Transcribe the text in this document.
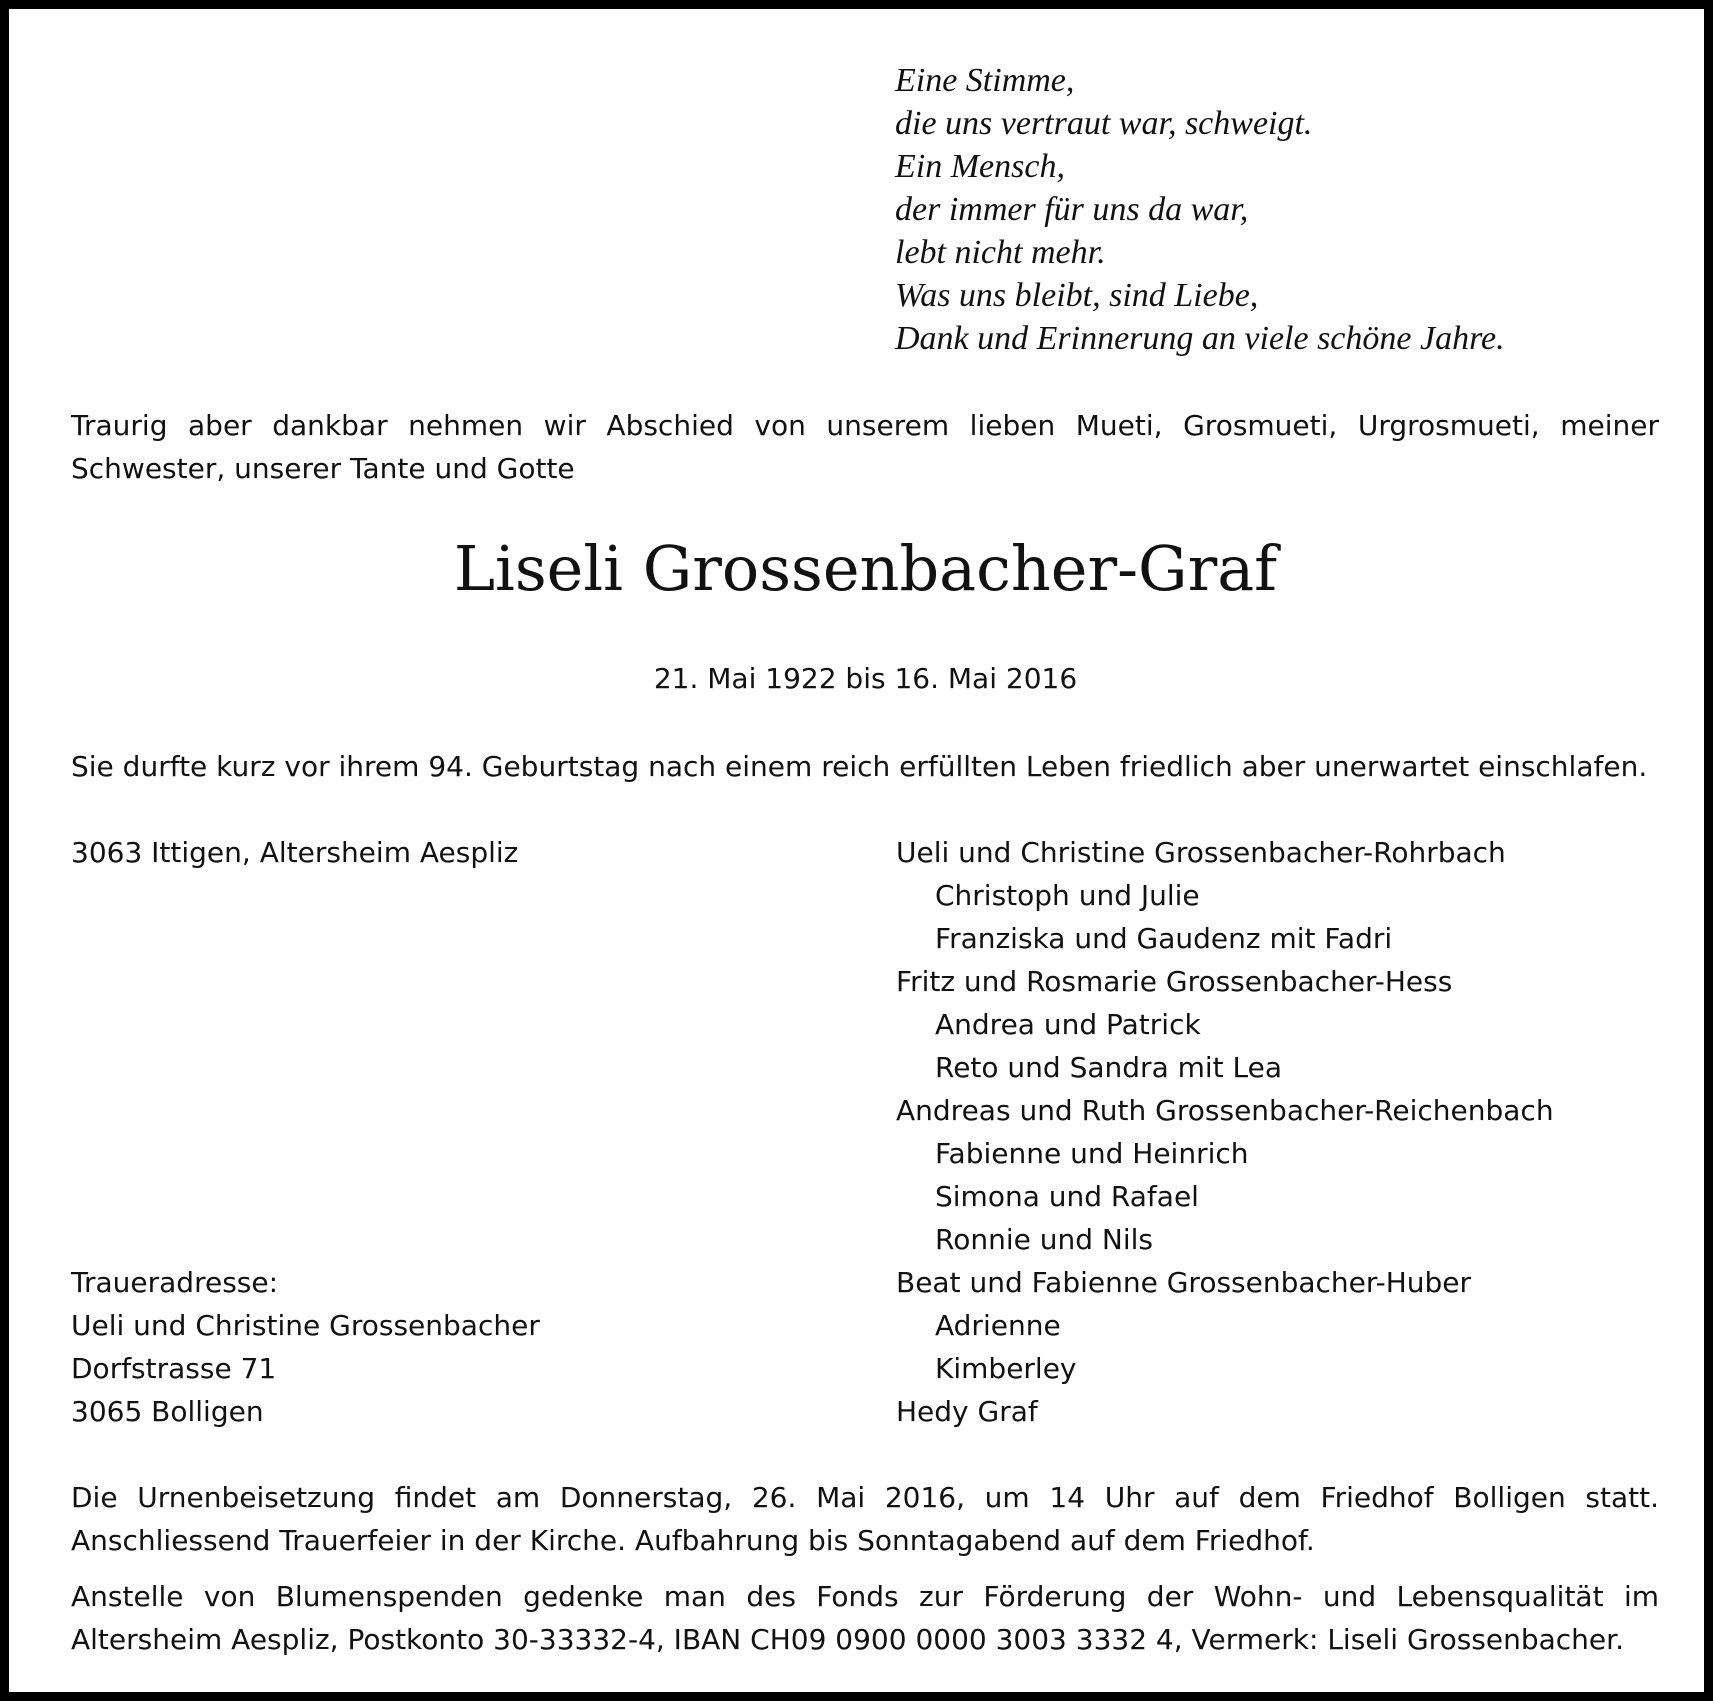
Eine Stimme,
die uns vertraut war, schweigt.
Ein Mensch,
der immer für uns da war,
lebt nicht mehr.
Was uns bleibt, sind Liebe,
Dank und Erinnerung an viele schöne Jahre.
Traurig aber dankbar nehmen wir Abschied von unserem lieben Mueti, Grosmueti, Urgrosmueti, meiner
Schwester, unserer Tante und Gotte
Liseli Grossenbacher-Graf
21. Mai 1922 bis 16. Mai 2016
Sie durfte kurz vor ihrem 94. Geburtstag nach einem reich erfüllten Leben friedlich aber unerwartet einschlafen.
3063 Ittigen, Altersheim Aespliz	Ueli und Christine Grossenbacher-Rohrbach
Christoph und Julie
Franziska und Gaudenz mit Fadri
Fritz und Rosmarie Grossenbacher-Hess
Andrea und Patrick
Reto und Sandra mit Lea
Andreas und Ruth Grossenbacher-Reichenbach
Fabienne und Heinrich
Simona und Rafael
Ronnie und Nils
Beat und Fabienne Grossenbacher-Huber
Adrienne
Kimberley
Hedy Graf
Traueradresse:
Ueli und Christine Grossenbacher
Dorfstrasse 71
3065 Bolligen
Die Urnenbeisetzung findet am Donnerstag, 26. Mai 2016, um 14 Uhr auf dem Friedhof Bolligen statt.
Anschliessend Trauerfeier in der Kirche. Aufbahrung bis Sonntagabend auf dem Friedhof.
Anstelle von Blumenspenden gedenke man des Fonds zur Förderung der Wohn- und Lebensqualität im
Altersheim Aespliz, Postkonto 30-33332-4, IBAN CH09 0900 0000 3003 3332 4, Vermerk: Liseli Grossenbacher.
